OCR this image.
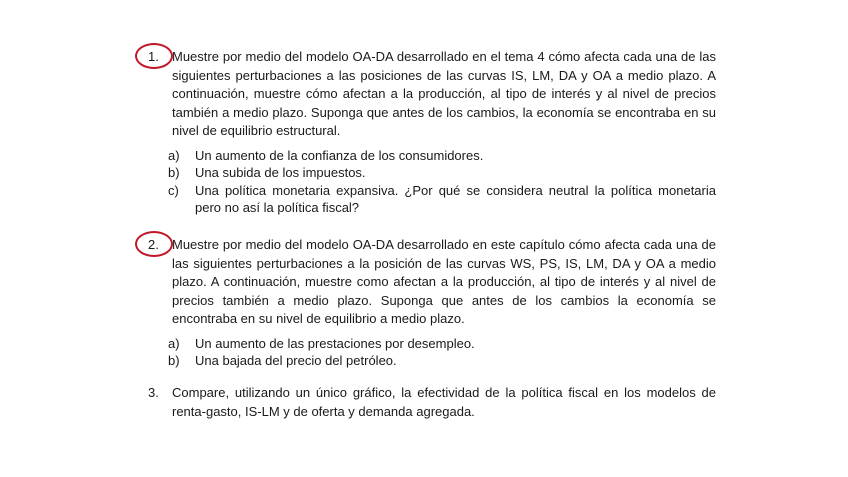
1. Muestre por medio del modelo OA-DA desarrollado en el tema 4 cómo afecta cada una de las siguientes perturbaciones a las posiciones de las curvas IS, LM, DA y OA a medio plazo. A continuación, muestre cómo afectan a la producción, al tipo de interés y al nivel de precios también a medio plazo. Suponga que antes de los cambios, la economía se encontraba en su nivel de equilibrio estructural.

a) Un aumento de la confianza de los consumidores.
b) Una subida de los impuestos.
c) Una política monetaria expansiva. ¿Por qué se considera neutral la política monetaria pero no así la política fiscal?
2. Muestre por medio del modelo OA-DA desarrollado en este capítulo cómo afecta cada una de las siguientes perturbaciones a la posición de las curvas WS, PS, IS, LM, DA y OA a medio plazo. A continuación, muestre como afectan a la producción, al tipo de interés y al nivel de precios también a medio plazo. Suponga que antes de los cambios la economía se encontraba en su nivel de equilibrio a medio plazo.

a) Un aumento de las prestaciones por desempleo.
b) Una bajada del precio del petróleo.
3. Compare, utilizando un único gráfico, la efectividad de la política fiscal en los modelos de renta-gasto, IS-LM y de oferta y demanda agregada.
